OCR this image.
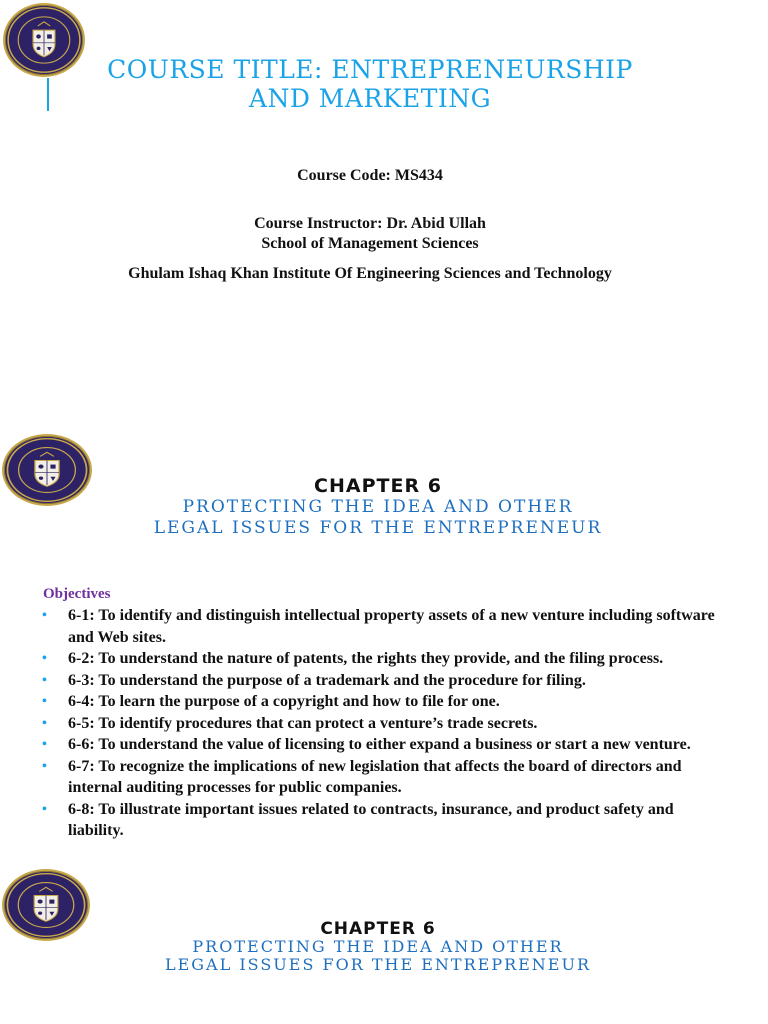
COURSE TITLE: ENTREPRENEURSHIP
AND MARKETING
Course Code: MS434
Course Instructor: Dr. Abid Ullah
School of Management Sciences
Ghulam Ishaq Khan Institute Of Engineering Sciences and Technology
CHAPTER 6
PROTECTING THE IDEA AND OTHER
LEGAL ISSUES FOR THE ENTREPRENEUR
Objectives
• 6-1: To identify and distinguish intellectual property assets of a new venture including software and Web sites.
• 6-2: To understand the nature of patents, the rights they provide, and the filing process.
• 6-3: To understand the purpose of a trademark and the procedure for filing.
• 6-4: To learn the purpose of a copyright and how to file for one.
• 6-5: To identify procedures that can protect a venture’s trade secrets.
• 6-6: To understand the value of licensing to either expand a business or start a new venture.
• 6-7: To recognize the implications of new legislation that affects the board of directors and internal auditing processes for public companies.
• 6-8: To illustrate important issues related to contracts, insurance, and product safety and liability.
CHAPTER 6
PROTECTING THE IDEA AND OTHER
LEGAL ISSUES FOR THE ENTREPRENEUR
